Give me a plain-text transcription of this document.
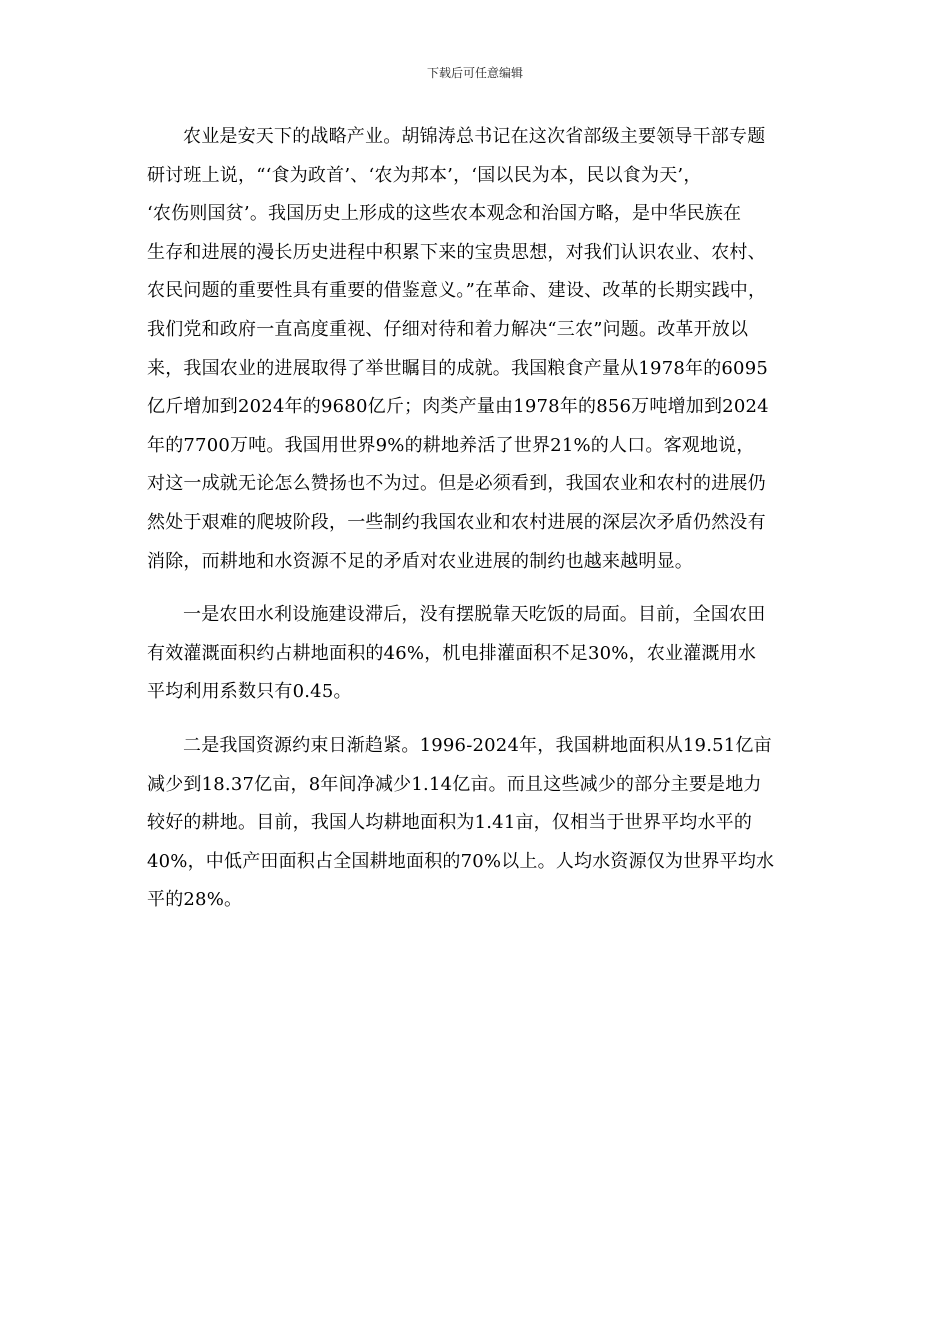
下载后可任意编辑

农业是安天下的战略产业。胡锦涛总书记在这次省部级主要领导干部专题
研讨班上说，“‘食为政首’、‘农为邦本’，‘国以民为本，民以食为天’，
‘农伤则国贫’。我国历史上形成的这些农本观念和治国方略，是中华民族在
生存和进展的漫长历史进程中积累下来的宝贵思想，对我们认识农业、农村、
农民问题的重要性具有重要的借鉴意义。”在革命、建设、改革的长期实践中，
我们党和政府一直高度重视、仔细对待和着力解决“三农”问题。改革开放以
来，我国农业的进展取得了举世瞩目的成就。我国粮食产量从1978年的6095
亿斤增加到2024年的9680亿斤；肉类产量由1978年的856万吨增加到2024
年的7700万吨。我国用世界9%的耕地养活了世界21%的人口。客观地说，
对这一成就无论怎么赞扬也不为过。但是必须看到，我国农业和农村的进展仍
然处于艰难的爬坡阶段，一些制约我国农业和农村进展的深层次矛盾仍然没有
消除，而耕地和水资源不足的矛盾对农业进展的制约也越来越明显。

一是农田水利设施建设滞后，没有摆脱靠天吃饭的局面。目前，全国农田
有效灌溉面积约占耕地面积的46%，机电排灌面积不足30%，农业灌溉用水
平均利用系数只有0.45。

二是我国资源约束日渐趋紧。1996-2024年，我国耕地面积从19.51亿亩
减少到18.37亿亩，8年间净减少1.14亿亩。而且这些减少的部分主要是地力
较好的耕地。目前，我国人均耕地面积为1.41亩，仅相当于世界平均水平的
40%，中低产田面积占全国耕地面积的70%以上。人均水资源仅为世界平均水
平的28%。
